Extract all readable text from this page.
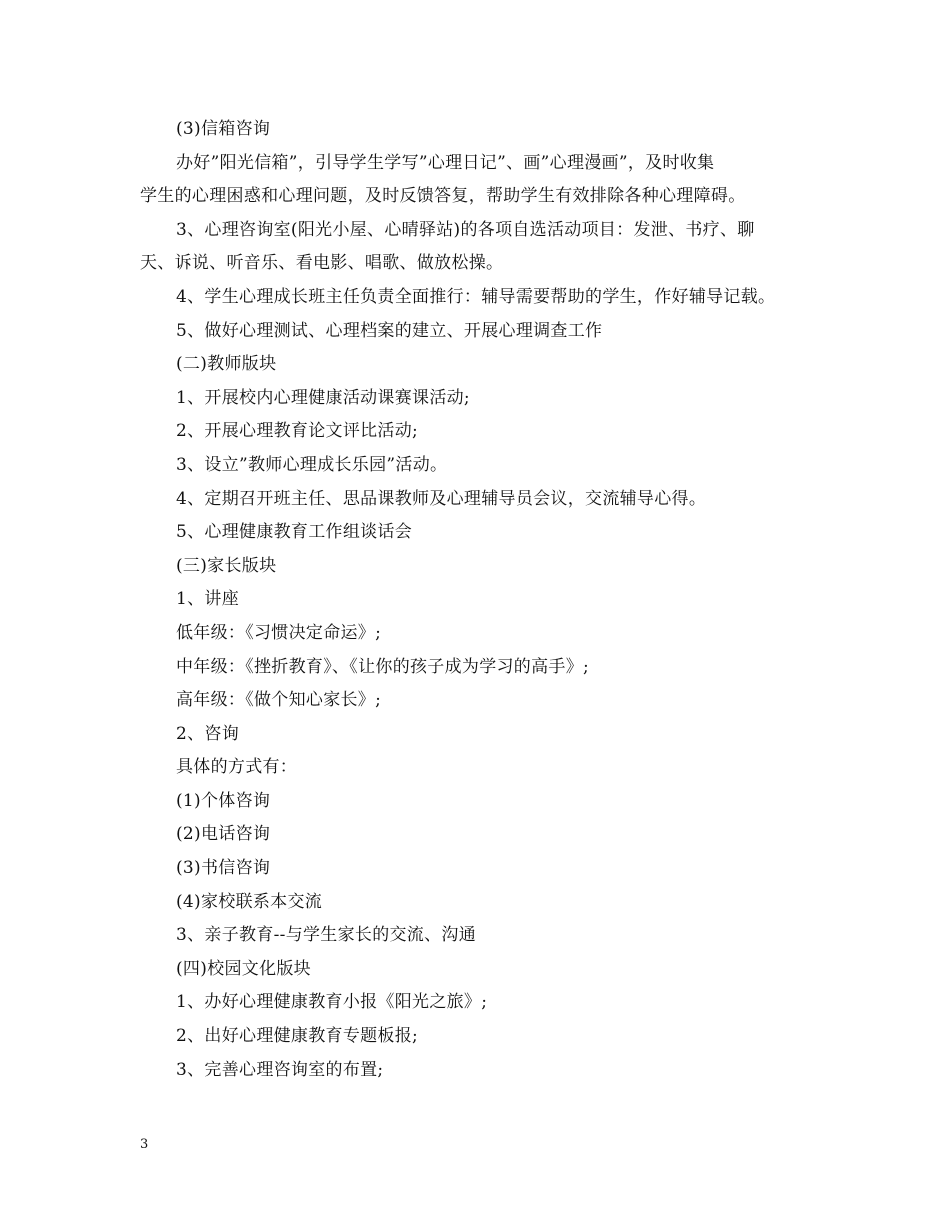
(3)信箱咨询
办好”阳光信箱”，引导学生学写”心理日记”、画”心理漫画”，及时收集
学生的心理困惑和心理问题，及时反馈答复，帮助学生有效排除各种心理障碍。
3、心理咨询室(阳光小屋、心晴驿站)的各项自选活动项目：发泄、书疗、聊
天、诉说、听音乐、看电影、唱歌、做放松操。
4、学生心理成长班主任负责全面推行：辅导需要帮助的学生，作好辅导记载。
5、做好心理测试、心理档案的建立、开展心理调查工作
(二)教师版块
1、开展校内心理健康活动课赛课活动;
2、开展心理教育论文评比活动;
3、设立”教师心理成长乐园”活动。
4、定期召开班主任、思品课教师及心理辅导员会议，交流辅导心得。
5、心理健康教育工作组谈话会
(三)家长版块
1、讲座
低年级：《习惯决定命运》;
中年级：《挫折教育》、《让你的孩子成为学习的高手》;
高年级：《做个知心家长》;
2、咨询
具体的方式有：
(1)个体咨询
(2)电话咨询
(3)书信咨询
(4)家校联系本交流
3、亲子教育--与学生家长的交流、沟通
(四)校园文化版块
1、办好心理健康教育小报《阳光之旅》;
2、出好心理健康教育专题板报;
3、完善心理咨询室的布置;
3
